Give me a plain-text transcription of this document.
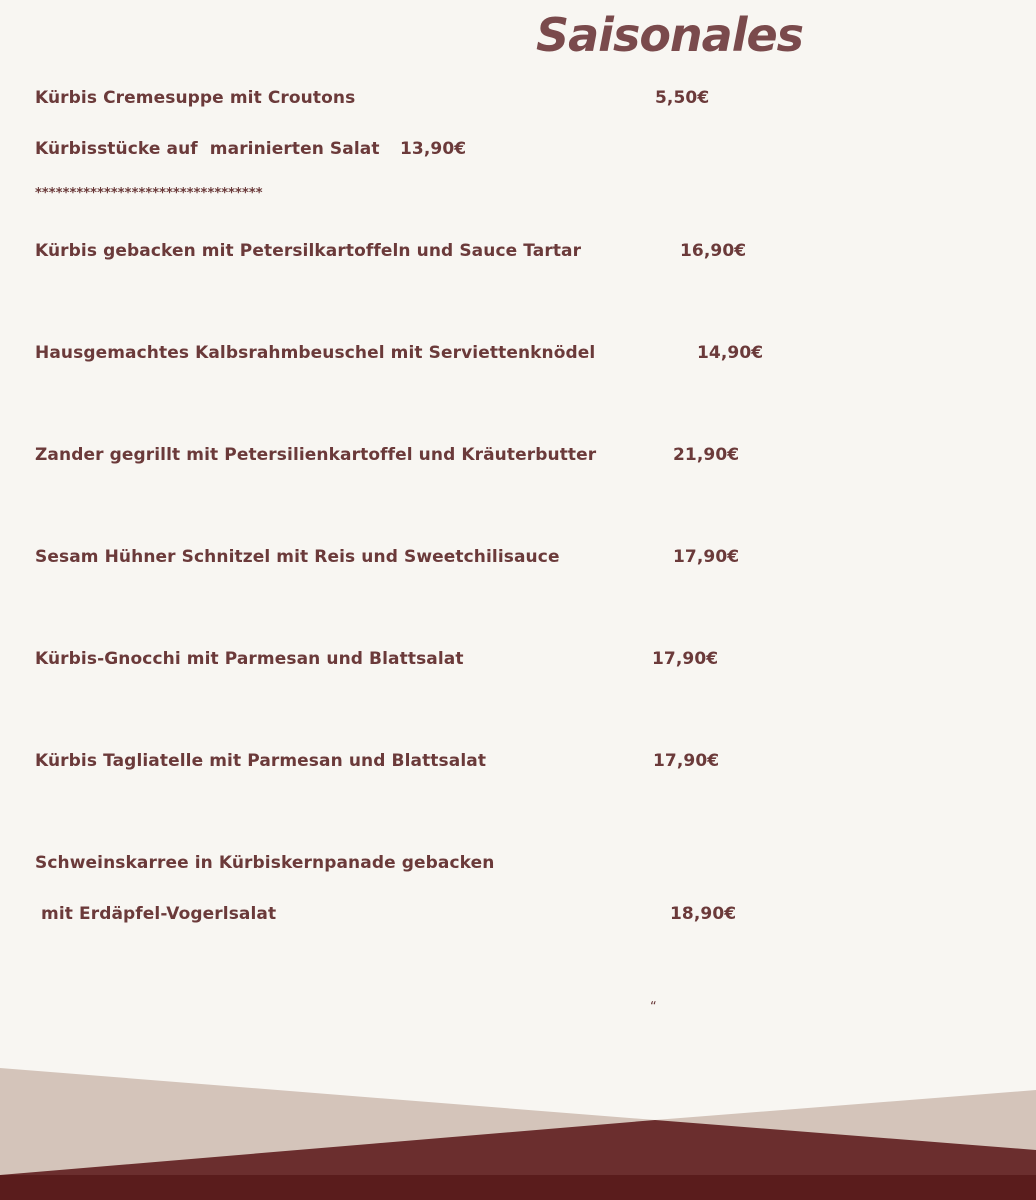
Saisonales
Kürbis Cremesuppe mit Croutons	5,50€
Kürbisstücke auf  marinierten Salat 13,90€
*********************************
Kürbis gebacken mit Petersilkartoffeln und Sauce Tartar	16,90€
Hausgemachtes Kalbsrahmbeuschel mit Serviettenknödel	14,90€
Zander gegrillt mit Petersilienkartoffel und Kräuterbutter	21,90€
Sesam Hühner Schnitzel mit Reis und Sweetchilisauce	17,90€
Kürbis-Gnocchi mit Parmesan und Blattsalat	17,90€
Kürbis Tagliatelle mit Parmesan und Blattsalat	17,90€
Schweinskarree in Kürbiskernpanade gebacken
mit Erdäpfel-Vogerlsalat	18,90€
“
